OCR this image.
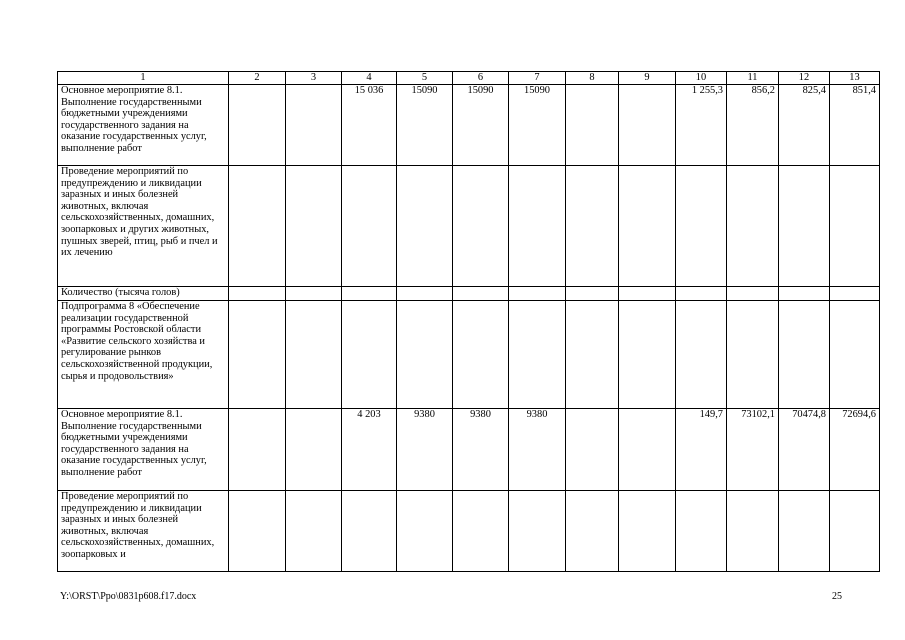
1	2	3	4	5	6	7	8	9	10	11	12	13
Основное мероприятие 8.1. Выполнение государственными бюджетными учреждениями государственного задания на оказание государственных услуг, выполнение работ			15 036	15090	15090	15090			1 255,3	856,2	825,4	851,4
Проведение мероприятий по предупреждению и ликвидации заразных и иных болезней животных, включая сельскохозяйственных, домашних, зоопарковых и других животных, пушных зверей, птиц, рыб и пчел и их лечению												
Количество (тысяча голов)												
Подпрограмма 8 «Обеспечение реализации государственной программы Ростовской области «Развитие сельского хозяйства и регулирование рынков сельскохозяйственной продукции, сырья и продовольствия»												
Основное мероприятие 8.1. Выполнение государственными бюджетными учреждениями государственного задания на оказание государственных услуг, выполнение работ			4 203	9380	9380	9380			149,7	73102,1	70474,8	72694,6
Проведение мероприятий по предупреждению и ликвидации заразных и иных болезней животных, включая сельскохозяйственных, домашних, зоопарковых и												
Y:\ORST\Ppo\0831p608.f17.docx	25
